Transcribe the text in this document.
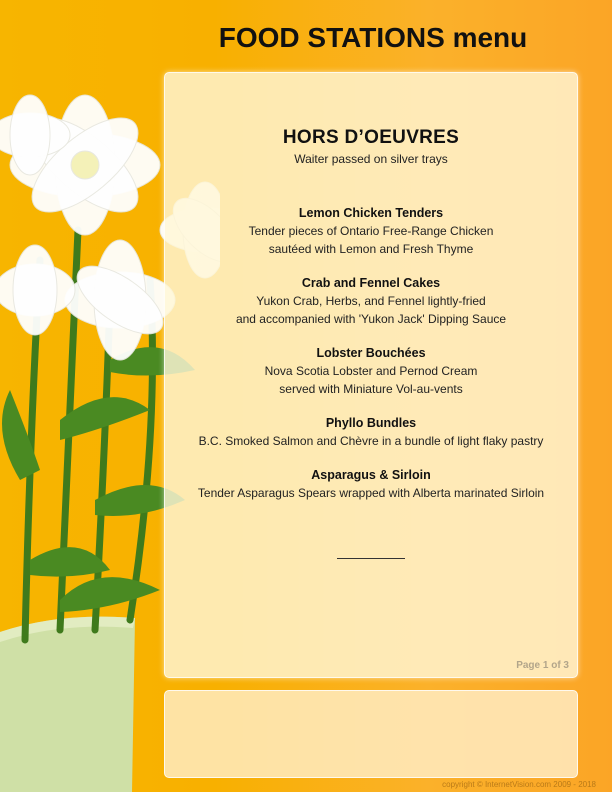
FOOD STATIONS menu
HORS D’OEUVRES
Waiter passed on silver trays
Lemon Chicken Tenders
Tender pieces of Ontario Free-Range Chicken
sautéed with Lemon and Fresh Thyme
Crab and Fennel Cakes
Yukon Crab, Herbs, and Fennel lightly-fried
and accompanied with 'Yukon Jack' Dipping Sauce
Lobster Bouchées
Nova Scotia Lobster and Pernod Cream
served with Miniature Vol-au-vents
Phyllo Bundles
B.C. Smoked Salmon and Chèvre in a bundle of light flaky pastry
Asparagus & Sirloin
Tender Asparagus Spears wrapped with Alberta marinated Sirloin
Page 1 of 3
copyright © InternetVision.com 2009 - 2018
